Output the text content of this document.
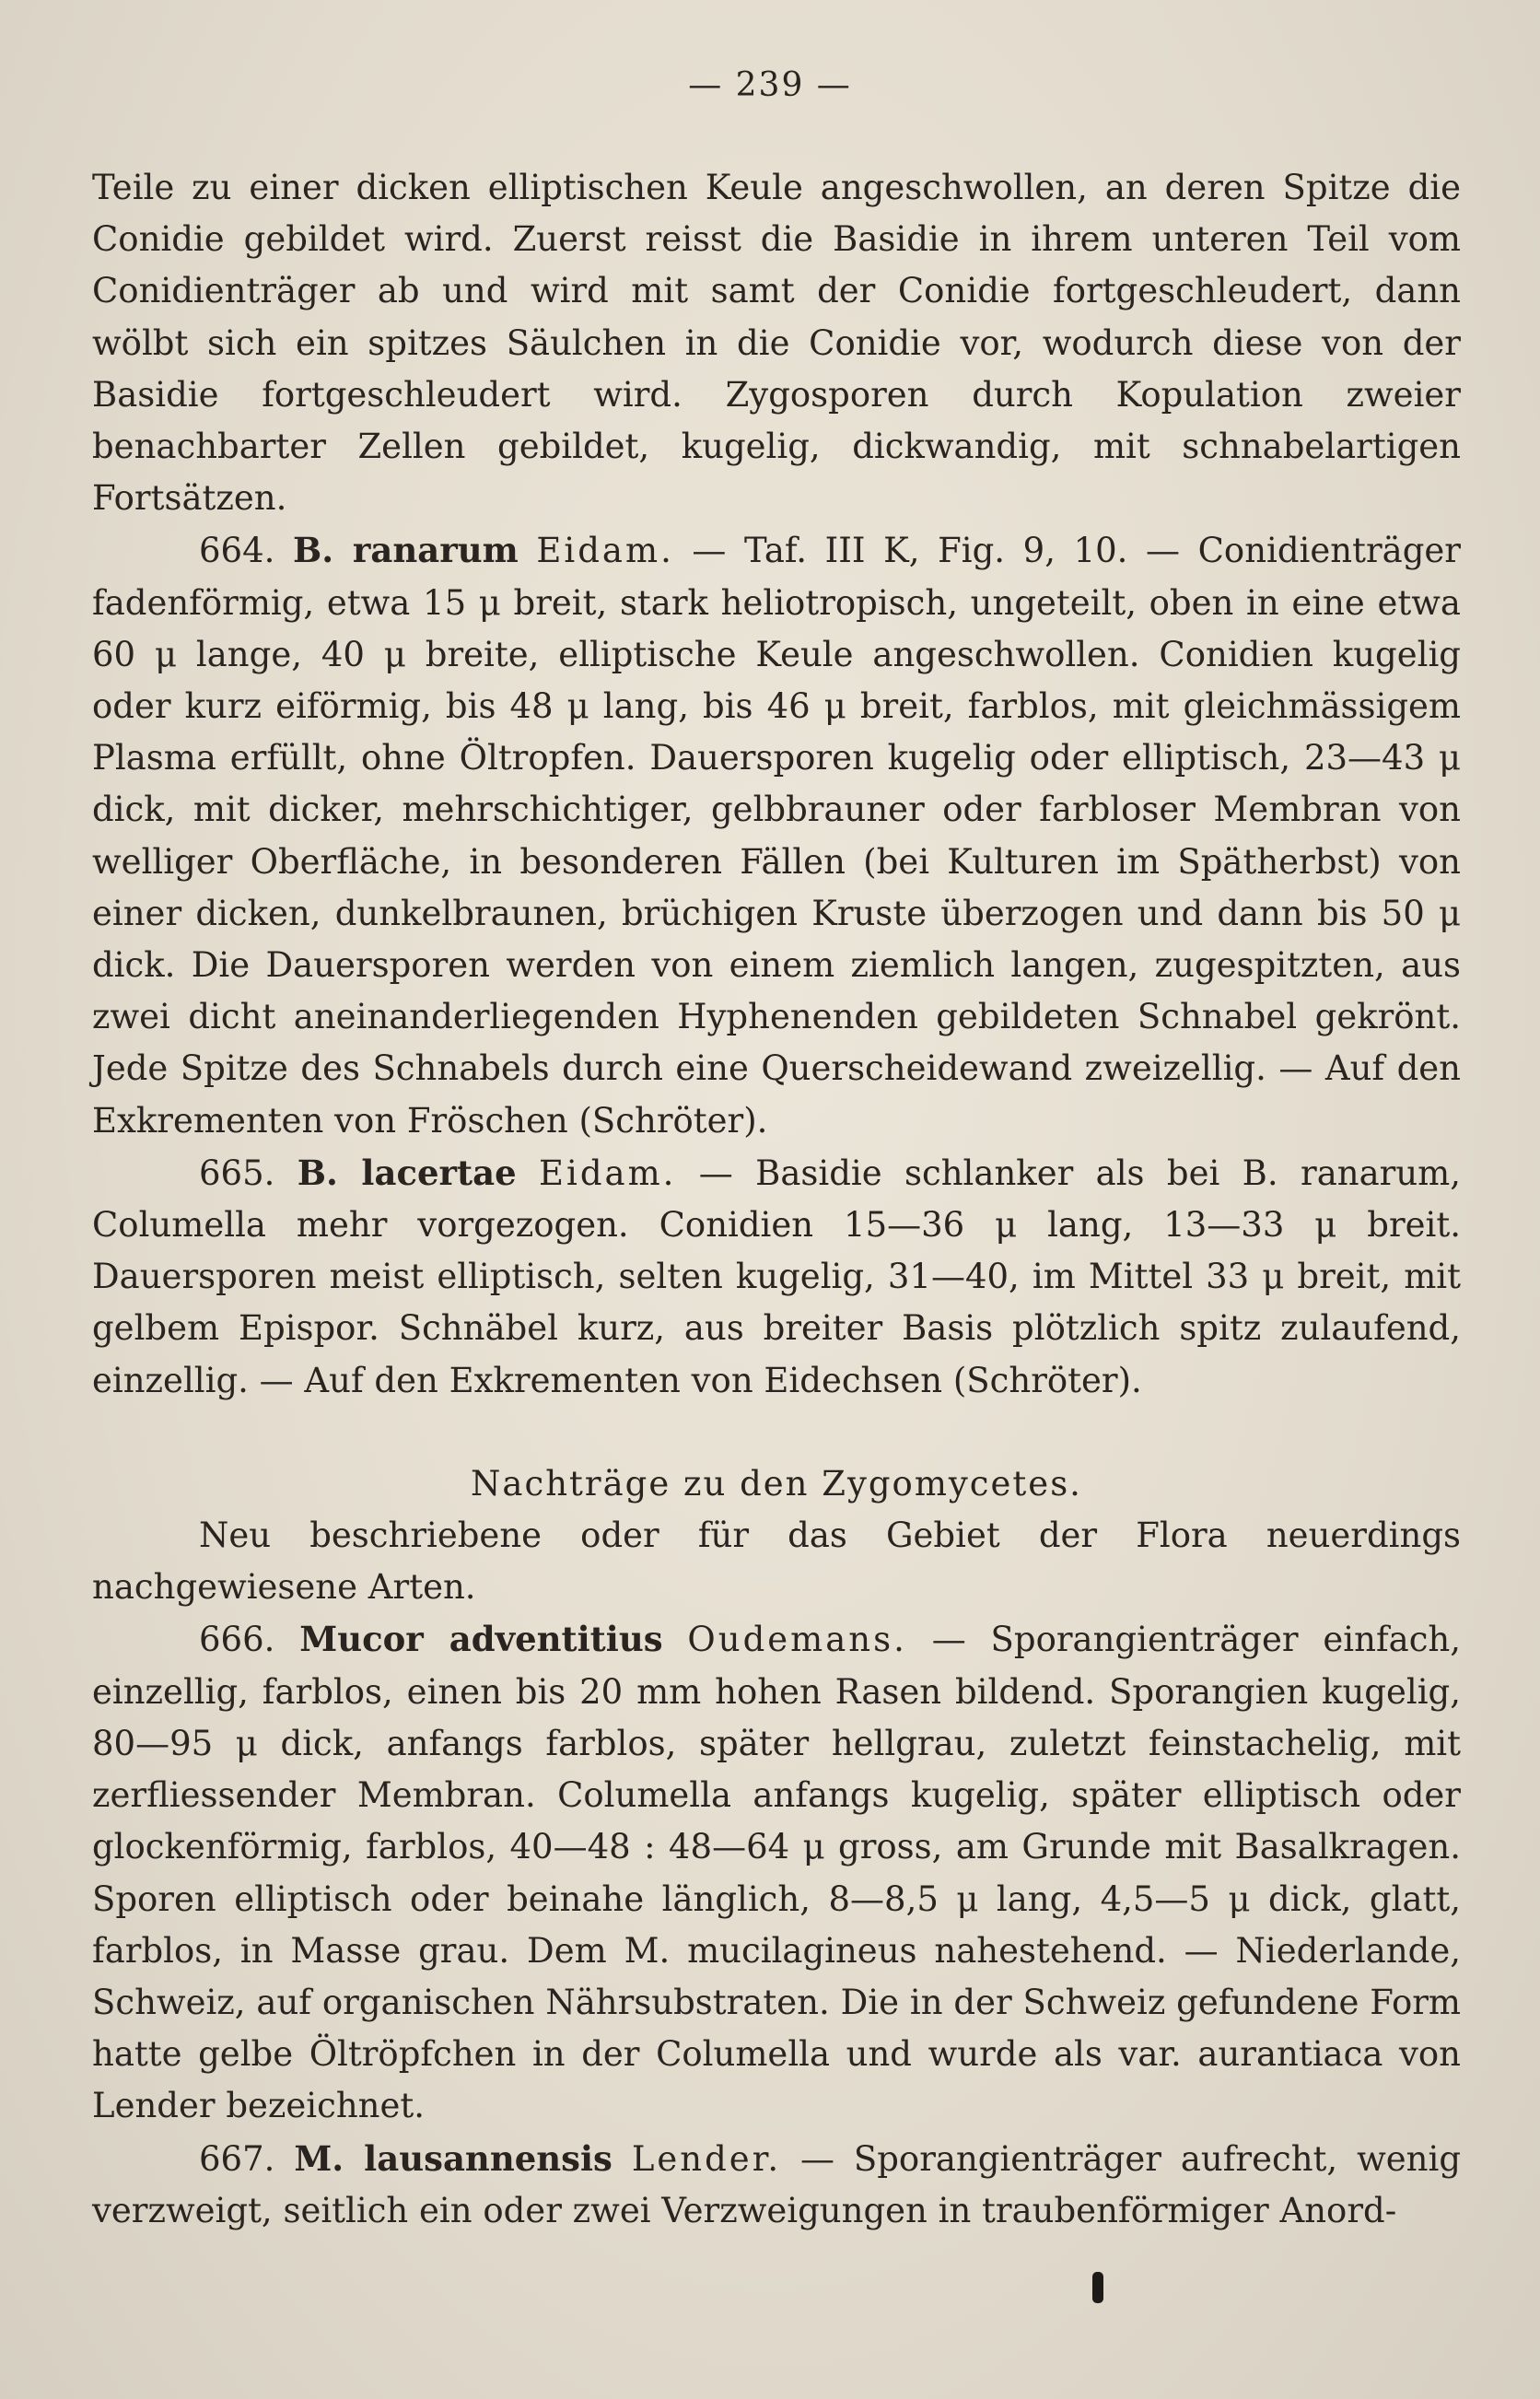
— 239 —

Teile zu einer dicken elliptischen Keule angeschwollen, an deren Spitze die Conidie gebildet wird. Zuerst reisst die Basidie in ihrem unteren Teil vom Conidienträger ab und wird mit samt der Conidie fortgeschleudert, dann wölbt sich ein spitzes Säulchen in die Conidie vor, wodurch diese von der Basidie fortgeschleudert wird. Zygosporen durch Kopulation zweier benachbarter Zellen gebildet, kugelig, dickwandig, mit schnabelartigen Fortsätzen.

664. B. ranarum Eidam. — Taf. III K, Fig. 9, 10. — Conidienträger fadenförmig, etwa 15 μ breit, stark heliotropisch, ungeteilt, oben in eine etwa 60 μ lange, 40 μ breite, elliptische Keule angeschwollen. Conidien kugelig oder kurz eiförmig, bis 48 μ lang, bis 46 μ breit, farblos, mit gleichmässigem Plasma erfüllt, ohne Öltropfen. Dauersporen kugelig oder elliptisch, 23—43 μ dick, mit dicker, mehrschichtiger, gelbbrauner oder farbloser Membran von welliger Oberfläche, in besonderen Fällen (bei Kulturen im Spätherbst) von einer dicken, dunkelbraunen, brüchigen Kruste überzogen und dann bis 50 μ dick. Die Dauersporen werden von einem ziemlich langen, zugespitzten, aus zwei dicht aneinanderliegenden Hyphenenden gebildeten Schnabel gekrönt. Jede Spitze des Schnabels durch eine Querscheidewand zweizellig. — Auf den Exkrementen von Fröschen (Schröter).

665. B. lacertae Eidam. — Basidie schlanker als bei B. ranarum, Columella mehr vorgezogen. Conidien 15—36 μ lang, 13—33 μ breit. Dauersporen meist elliptisch, selten kugelig, 31—40, im Mittel 33 μ breit, mit gelbem Epispor. Schnäbel kurz, aus breiter Basis plötzlich spitz zulaufend, einzellig. — Auf den Exkrementen von Eidechsen (Schröter).

Nachträge zu den Zygomycetes.

Neu beschriebene oder für das Gebiet der Flora neuerdings nachgewiesene Arten.

666. Mucor adventitius Oudemans. — Sporangienträger einfach, einzellig, farblos, einen bis 20 mm hohen Rasen bildend. Sporangien kugelig, 80—95 μ dick, anfangs farblos, später hellgrau, zuletzt feinstachelig, mit zerfliessender Membran. Columella anfangs kugelig, später elliptisch oder glockenförmig, farblos, 40—48 : 48—64 μ gross, am Grunde mit Basalkragen. Sporen elliptisch oder beinahe länglich, 8—8,5 μ lang, 4,5—5 μ dick, glatt, farblos, in Masse grau. Dem M. mucilagineus nahestehend. — Niederlande, Schweiz, auf organischen Nährsubstraten. Die in der Schweiz gefundene Form hatte gelbe Öltröpfchen in der Columella und wurde als var. aurantiaca von Lender bezeichnet.

667. M. lausannensis Lender. — Sporangienträger aufrecht, wenig verzweigt, seitlich ein oder zwei Verzweigungen in traubenförmiger Anord-
